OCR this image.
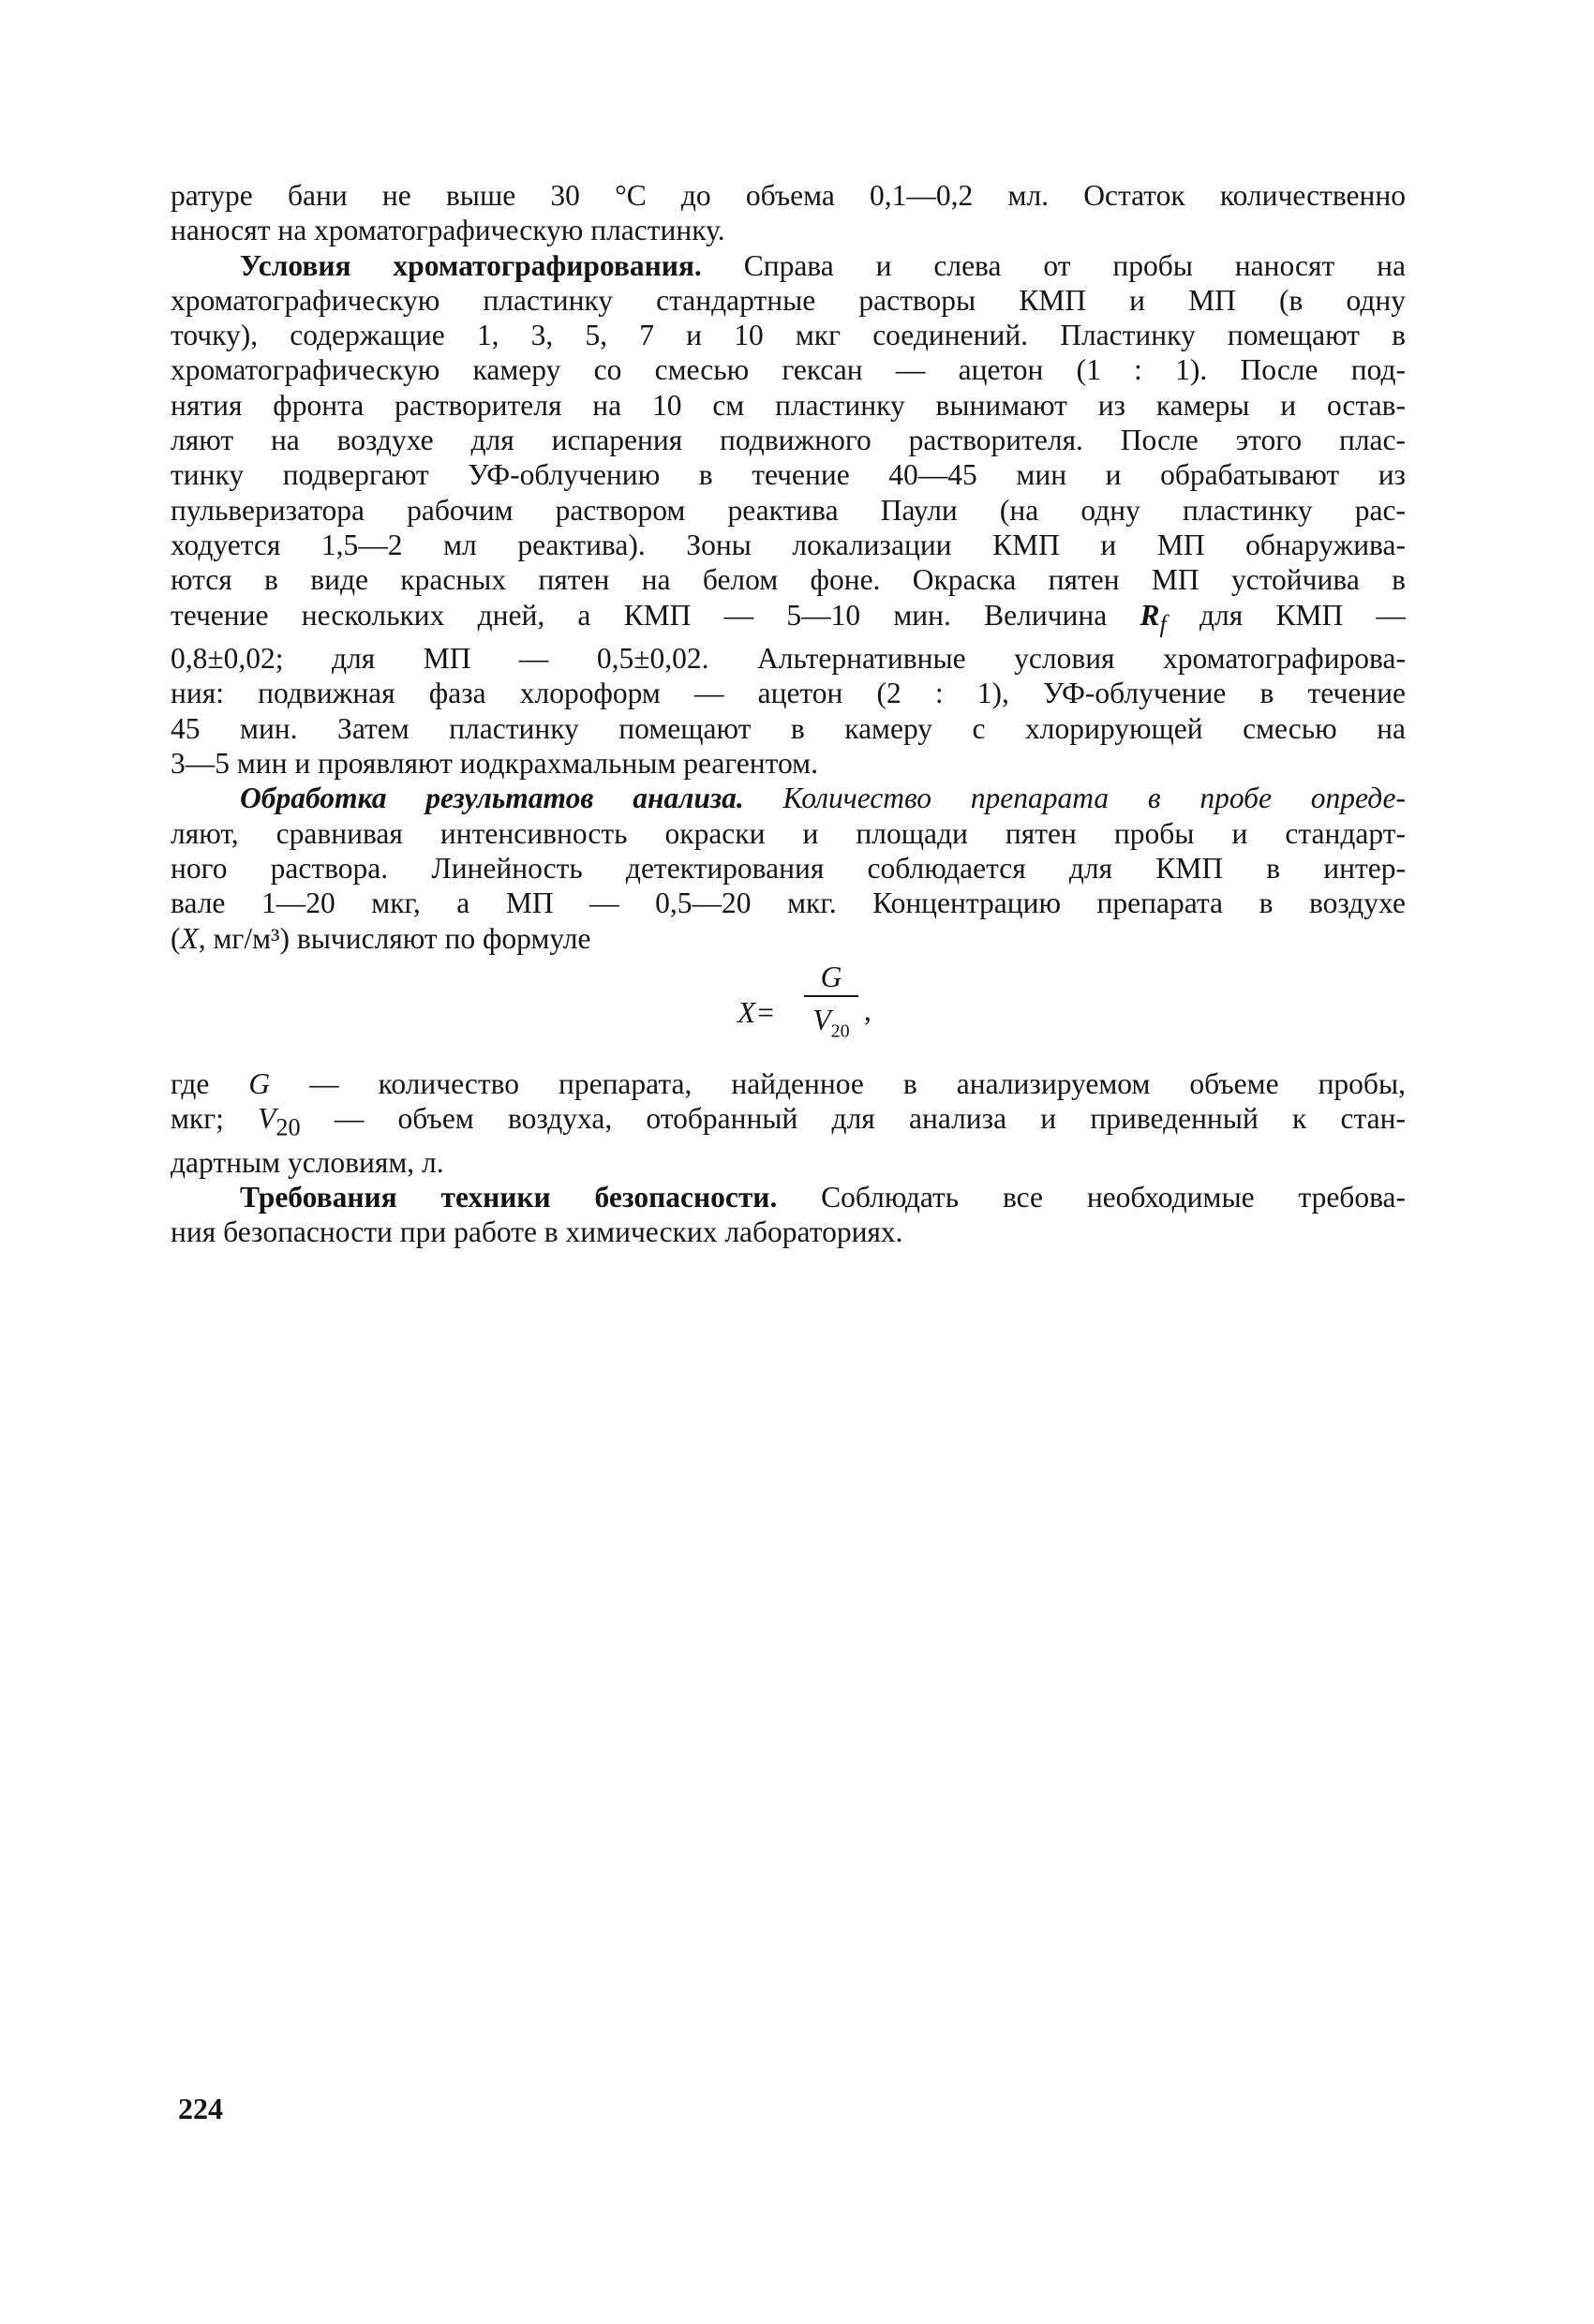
ратуре бани не выше 30 °С до объема 0,1—0,2 мл. Остаток количественно
наносят на хроматографическую пластинку.

Условия хроматографирования. Справа и слева от пробы наносят на
хроматографическую пластинку стандартные растворы КМП и МП (в одну
точку), содержащие 1, 3, 5, 7 и 10 мкг соединений. Пластинку помещают в
хроматографическую камеру со смесью гексан — ацетон (1 : 1). После под-
нятия фронта растворителя на 10 см пластинку вынимают из камеры и остав-
ляют на воздухе для испарения подвижного растворителя. После этого плас-
тинку подвергают УФ-облучению в течение 40—45 мин и обрабатывают из
пульверизатора рабочим раствором реактива Паули (на одну пластинку рас-
ходуется 1,5—2 мл реактива). Зоны локализации КМП и МП обнаружива-
ются в виде красных пятен на белом фоне. Окраска пятен МП устойчива в
течение нескольких дней, а КМП — 5—10 мин. Величина $R_f$ для КМП —
0,8±0,02; для МП — 0,5±0,02. Альтернативные условия хроматографирова-
ния: подвижная фаза хлороформ — ацетон (2 : 1), УФ-облучение в течение
45 мин. Затем пластинку помещают в камеру с хлорирующей смесью на
3—5 мин и проявляют иодкрахмальным реагентом.

Обработка результатов анализа. Количество препарата в пробе опреде-
ляют, сравнивая интенсивность окраски и площади пятен пробы и стандарт-
ного раствора. Линейность детектирования соблюдается для КМП в интер-
вале 1—20 мкг, а МП — 0,5—20 мкг. Концентрацию препарата в воздухе
(X, мг/м³) вычисляют по формуле

X=
G
$V_{20}$
,

где G — количество препарата, найденное в анализируемом объеме пробы,
мкг; $V_{20}$ — объем воздуха, отобранный для анализа и приведенный к стан-
дартным условиям, л.

Требования техники безопасности. Соблюдать все необходимые требова-
ния безопасности при работе в химических лабораториях.

224
